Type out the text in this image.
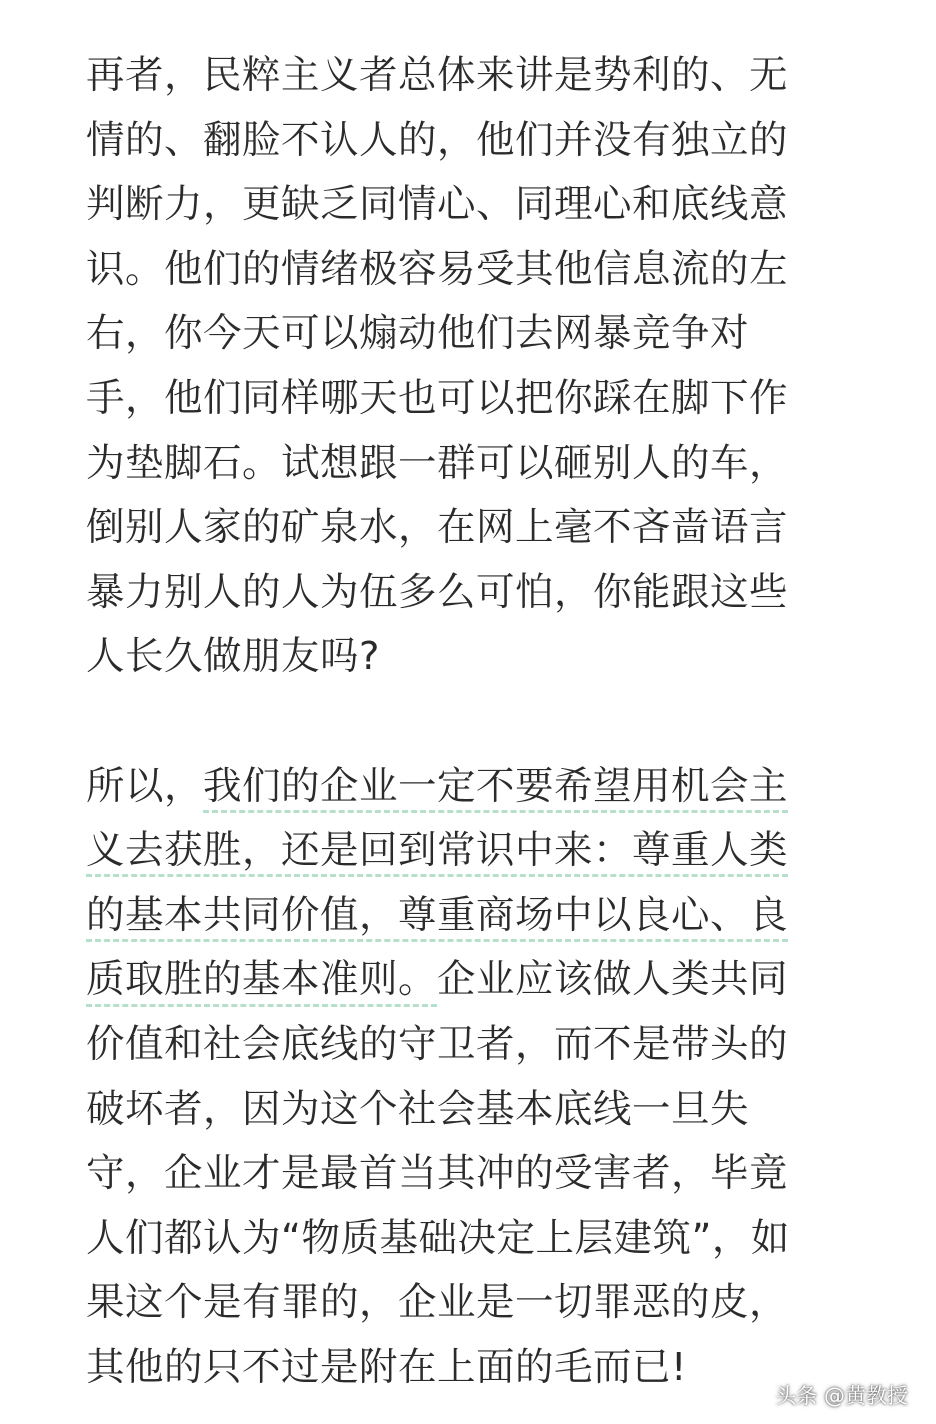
再者，民粹主义者总体来讲是势利的、无
情的、翻脸不认人的，他们并没有独立的
判断力，更缺乏同情心、同理心和底线意
识。他们的情绪极容易受其他信息流的左
右，你今天可以煽动他们去网暴竞争对
手，他们同样哪天也可以把你踩在脚下作
为垫脚石。试想跟一群可以砸别人的车，
倒别人家的矿泉水，在网上毫不吝啬语言
暴力别人的人为伍多么可怕，你能跟这些
人长久做朋友吗?
所以，我们的企业一定不要希望用机会主
义去获胜，还是回到常识中来：尊重人类
的基本共同价值，尊重商场中以良心、良
质取胜的基本准则。企业应该做人类共同
价值和社会底线的守卫者，而不是带头的
破坏者，因为这个社会基本底线一旦失
守，企业才是最首当其冲的受害者，毕竟
人们都认为“物质基础决定上层建筑”，如
果这个是有罪的，企业是一切罪恶的皮，
其他的只不过是附在上面的毛而已!
头条 @黄教授
